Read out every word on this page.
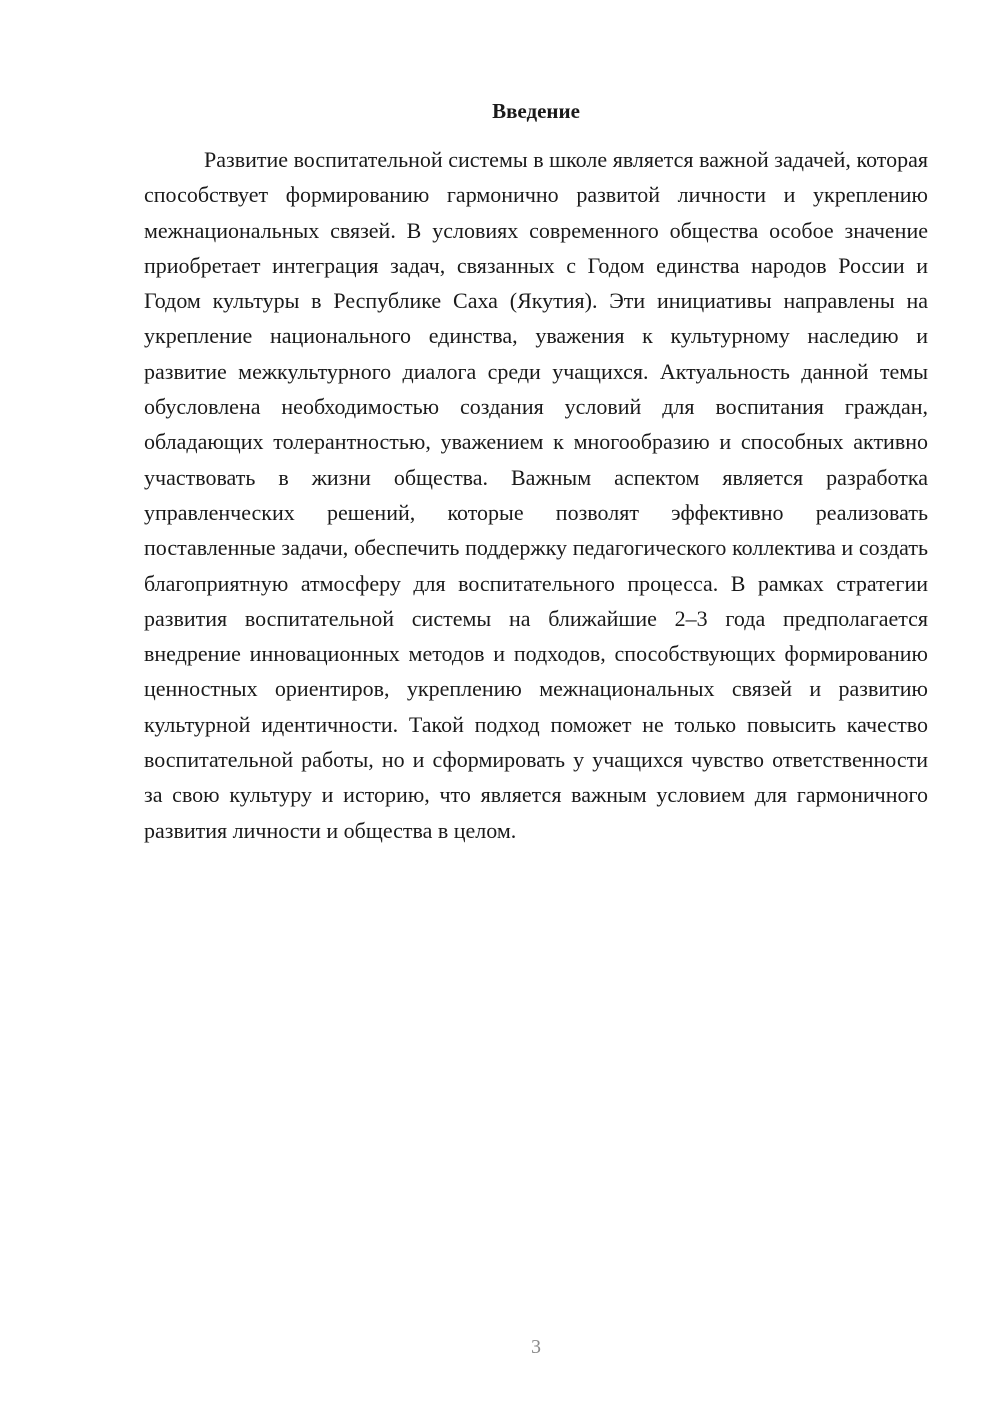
Введение

Развитие воспитательной системы в школе является важной задачей, которая способствует формированию гармонично развитой личности и укреплению межнациональных связей. В условиях современного общества особое значение приобретает интеграция задач, связанных с Годом единства народов России и Годом культуры в Республике Саха (Якутия). Эти инициативы направлены на укрепление национального единства, уважения к культурному наследию и развитие межкультурного диалога среди учащихся. Актуальность данной темы обусловлена необходимостью создания условий для воспитания граждан, обладающих толерантностью, уважением к многообразию и способных активно участвовать в жизни общества. Важным аспектом является разработка управленческих решений, которые позволят эффективно реализовать поставленные задачи, обеспечить поддержку педагогического коллектива и создать благоприятную атмосферу для воспитательного процесса. В рамках стратегии развития воспитательной системы на ближайшие 2–3 года предполагается внедрение инновационных методов и подходов, способствующих формированию ценностных ориентиров, укреплению межнациональных связей и развитию культурной идентичности. Такой подход поможет не только повысить качество воспитательной работы, но и сформировать у учащихся чувство ответственности за свою культуру и историю, что является важным условием для гармоничного развития личности и общества в целом.

3
